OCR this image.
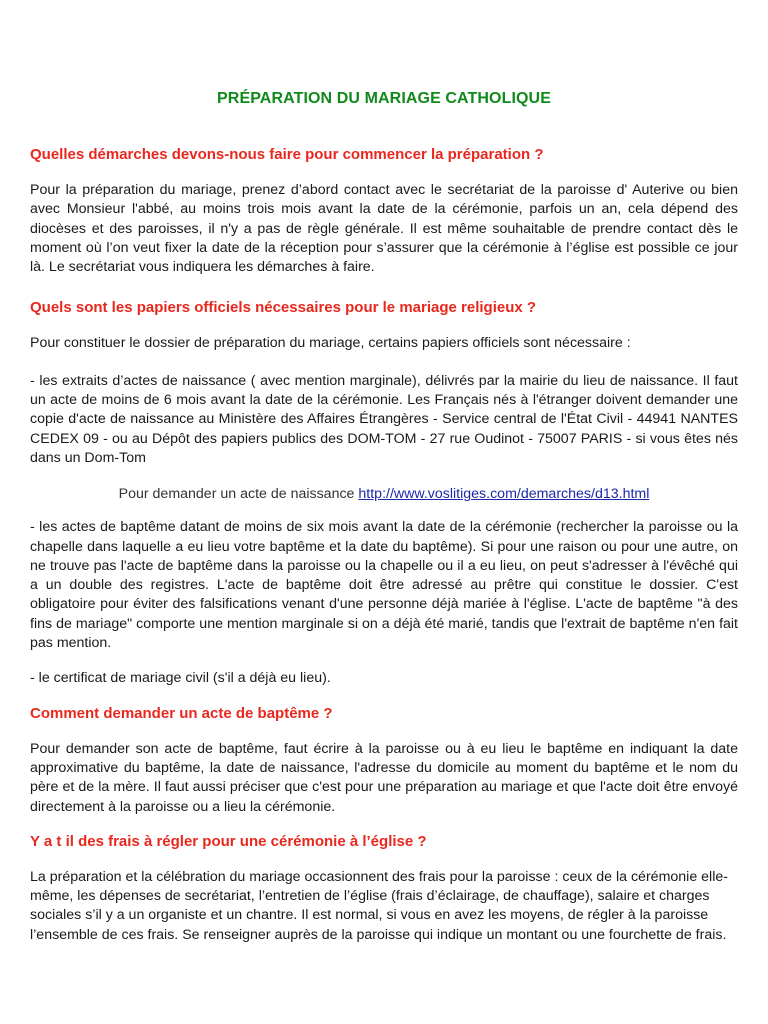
PRÉPARATION DU MARIAGE CATHOLIQUE
Quelles démarches devons-nous faire pour commencer la préparation ?

Pour la préparation du mariage, prenez d’abord contact avec le secrétariat de la paroisse d' Auterive ou bien avec Monsieur l'abbé, au moins trois mois avant la date de la cérémonie, parfois un an, cela dépend des diocèses et des paroisses, il n'y a pas de règle générale. Il est même souhaitable de prendre contact dès le moment où l’on veut fixer la date de la réception pour s’assurer que la cérémonie à l’église est possible ce jour là. Le secrétariat vous indiquera les démarches à faire.

Quels sont les papiers officiels nécessaires pour le mariage religieux ?

Pour constituer le dossier de préparation du mariage, certains papiers officiels sont nécessaire :

- les extraits d’actes de naissance ( avec mention marginale), délivrés par la mairie du lieu de naissance. Il faut un acte de moins de 6 mois avant la date de la cérémonie. Les Français nés à l'étranger doivent demander une copie d'acte de naissance au Ministère des Affaires Étrangères - Service central de l'État Civil - 44941 NANTES CEDEX 09 - ou au Dépôt des papiers publics des DOM-TOM - 27 rue Oudinot - 75007 PARIS - si vous êtes nés dans un Dom-Tom

Pour demander un acte de naissance http://www.voslitiges.com/demarches/d13.html

- les actes de baptême datant de moins de six mois avant la date de la cérémonie (rechercher la paroisse ou la chapelle dans laquelle a eu lieu votre baptême et la date du baptême). Si pour une raison ou pour une autre, on ne trouve pas l'acte de baptême dans la paroisse ou la chapelle ou il a eu lieu, on peut s'adresser à l'évêché qui a un double des registres. L'acte de baptême doit être adressé au prêtre qui constitue le dossier. C'est obligatoire pour éviter des falsifications venant d'une personne déjà mariée à l'église. L'acte de baptême "à des fins de mariage" comporte une mention marginale si on a déjà été marié, tandis que l'extrait de baptême n'en fait pas mention.

- le certificat de mariage civil (s'il a déjà eu lieu).

Comment demander un acte de baptême ?

Pour demander son acte de baptême, faut écrire à la paroisse ou à eu lieu le baptême en indiquant la date approximative du baptême, la date de naissance, l'adresse du domicile au moment du baptême et le nom du père et de la mère. Il faut aussi préciser que c'est pour une préparation au mariage et que l'acte doit être envoyé directement à la paroisse ou a lieu la cérémonie.

Y a t il des frais à régler pour une cérémonie à l’église ?

La préparation et la célébration du mariage occasionnent des frais pour la paroisse : ceux de la cérémonie elle-même, les dépenses de secrétariat, l’entretien de l’église (frais d’éclairage, de chauffage), salaire et charges sociales s’il y a un organiste et un chantre. Il est normal, si vous en avez les moyens, de régler à la paroisse l’ensemble de ces frais. Se renseigner auprès de la paroisse qui indique un montant ou une fourchette de frais.
